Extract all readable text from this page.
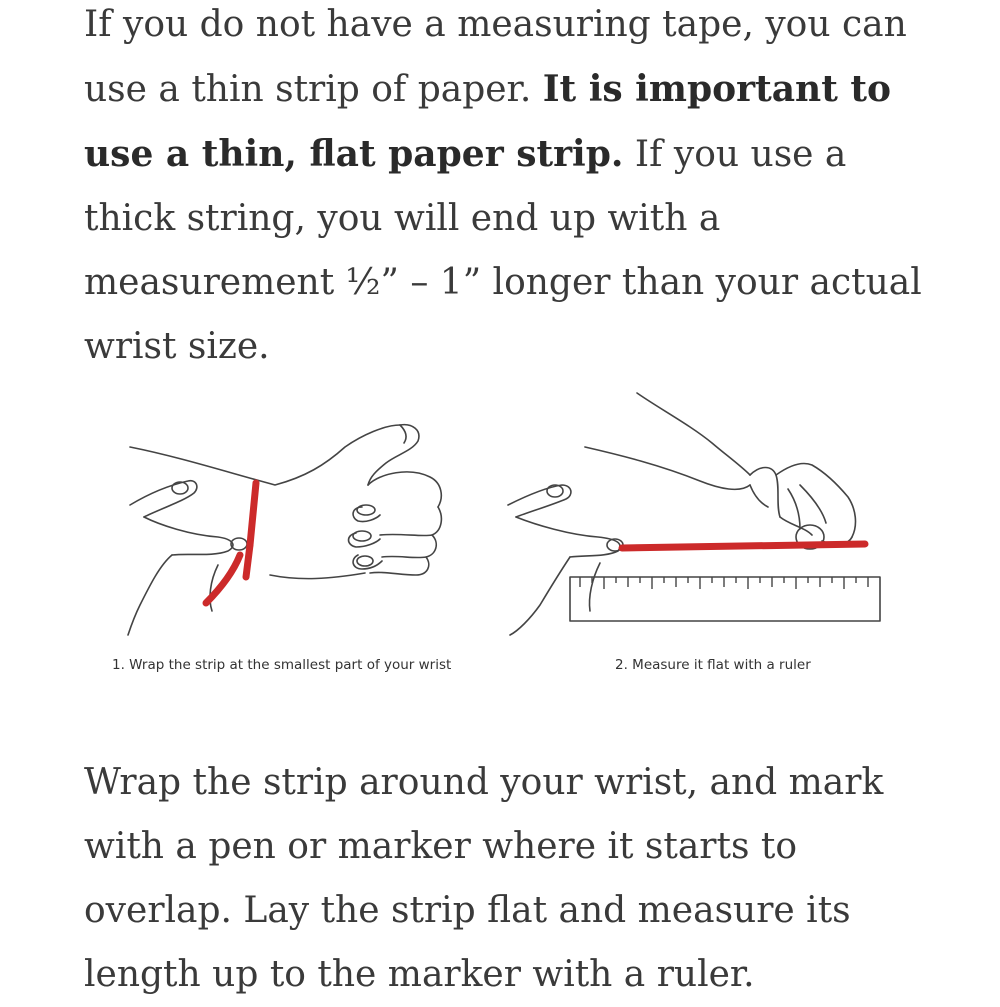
If you do not have a measuring tape, you can use a thin strip of paper. It is important to use a thin, flat paper strip. If you use a thick string, you will end up with a measurement ½” – 1” longer than your actual wrist size.

1. Wrap the strip at the smallest part of your wrist	2. Measure it flat with a ruler

Wrap the strip around your wrist, and mark with a pen or marker where it starts to overlap. Lay the strip flat and measure its length up to the marker with a ruler.
